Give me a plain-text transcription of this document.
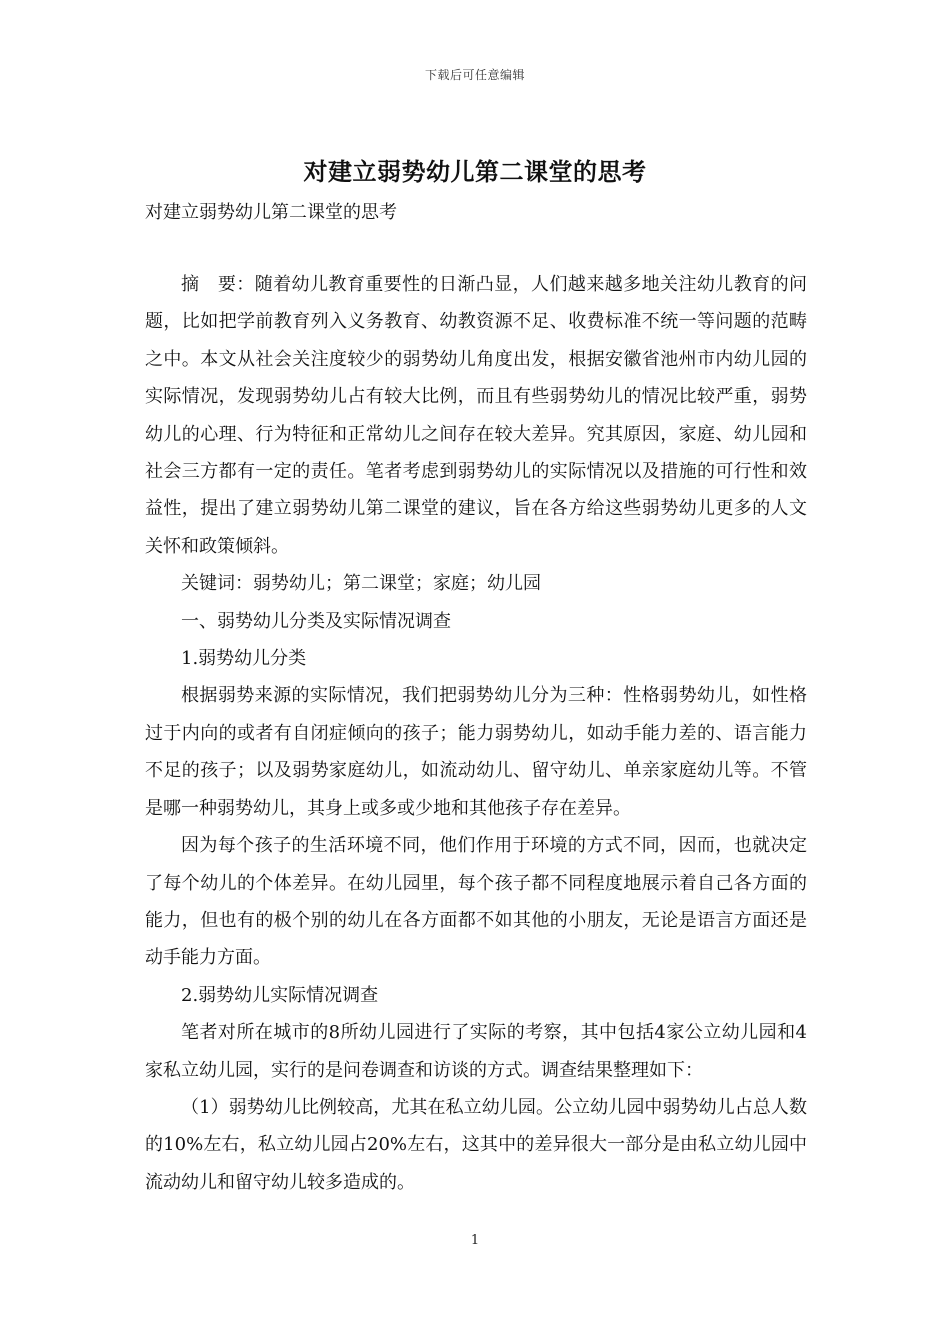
下载后可任意编辑
对建立弱势幼儿第二课堂的思考

对建立弱势幼儿第二课堂的思考

摘　要：随着幼儿教育重要性的日渐凸显，人们越来越多地关注幼儿教育的问题，比如把学前教育列入义务教育、幼教资源不足、收费标准不统一等问题的范畴之中。本文从社会关注度较少的弱势幼儿角度出发，根据安徽省池州市内幼儿园的实际情况，发现弱势幼儿占有较大比例，而且有些弱势幼儿的情况比较严重，弱势幼儿的心理、行为特征和正常幼儿之间存在较大差异。究其原因，家庭、幼儿园和社会三方都有一定的责任。笔者考虑到弱势幼儿的实际情况以及措施的可行性和效益性，提出了建立弱势幼儿第二课堂的建议，旨在各方给这些弱势幼儿更多的人文关怀和政策倾斜。

关键词：弱势幼儿；第二课堂；家庭；幼儿园

一、弱势幼儿分类及实际情况调查

1.弱势幼儿分类

根据弱势来源的实际情况，我们把弱势幼儿分为三种：性格弱势幼儿，如性格过于内向的或者有自闭症倾向的孩子；能力弱势幼儿，如动手能力差的、语言能力不足的孩子；以及弱势家庭幼儿，如流动幼儿、留守幼儿、单亲家庭幼儿等。不管是哪一种弱势幼儿，其身上或多或少地和其他孩子存在差异。

因为每个孩子的生活环境不同，他们作用于环境的方式不同，因而，也就决定了每个幼儿的个体差异。在幼儿园里，每个孩子都不同程度地展示着自己各方面的能力，但也有的极个别的幼儿在各方面都不如其他的小朋友，无论是语言方面还是动手能力方面。

2.弱势幼儿实际情况调查

笔者对所在城市的8所幼儿园进行了实际的考察，其中包括4家公立幼儿园和4家私立幼儿园，实行的是问卷调查和访谈的方式。调查结果整理如下：

（1）弱势幼儿比例较高，尤其在私立幼儿园。公立幼儿园中弱势幼儿占总人数的10%左右，私立幼儿园占20%左右，这其中的差异很大一部分是由私立幼儿园中流动幼儿和留守幼儿较多造成的。

1
